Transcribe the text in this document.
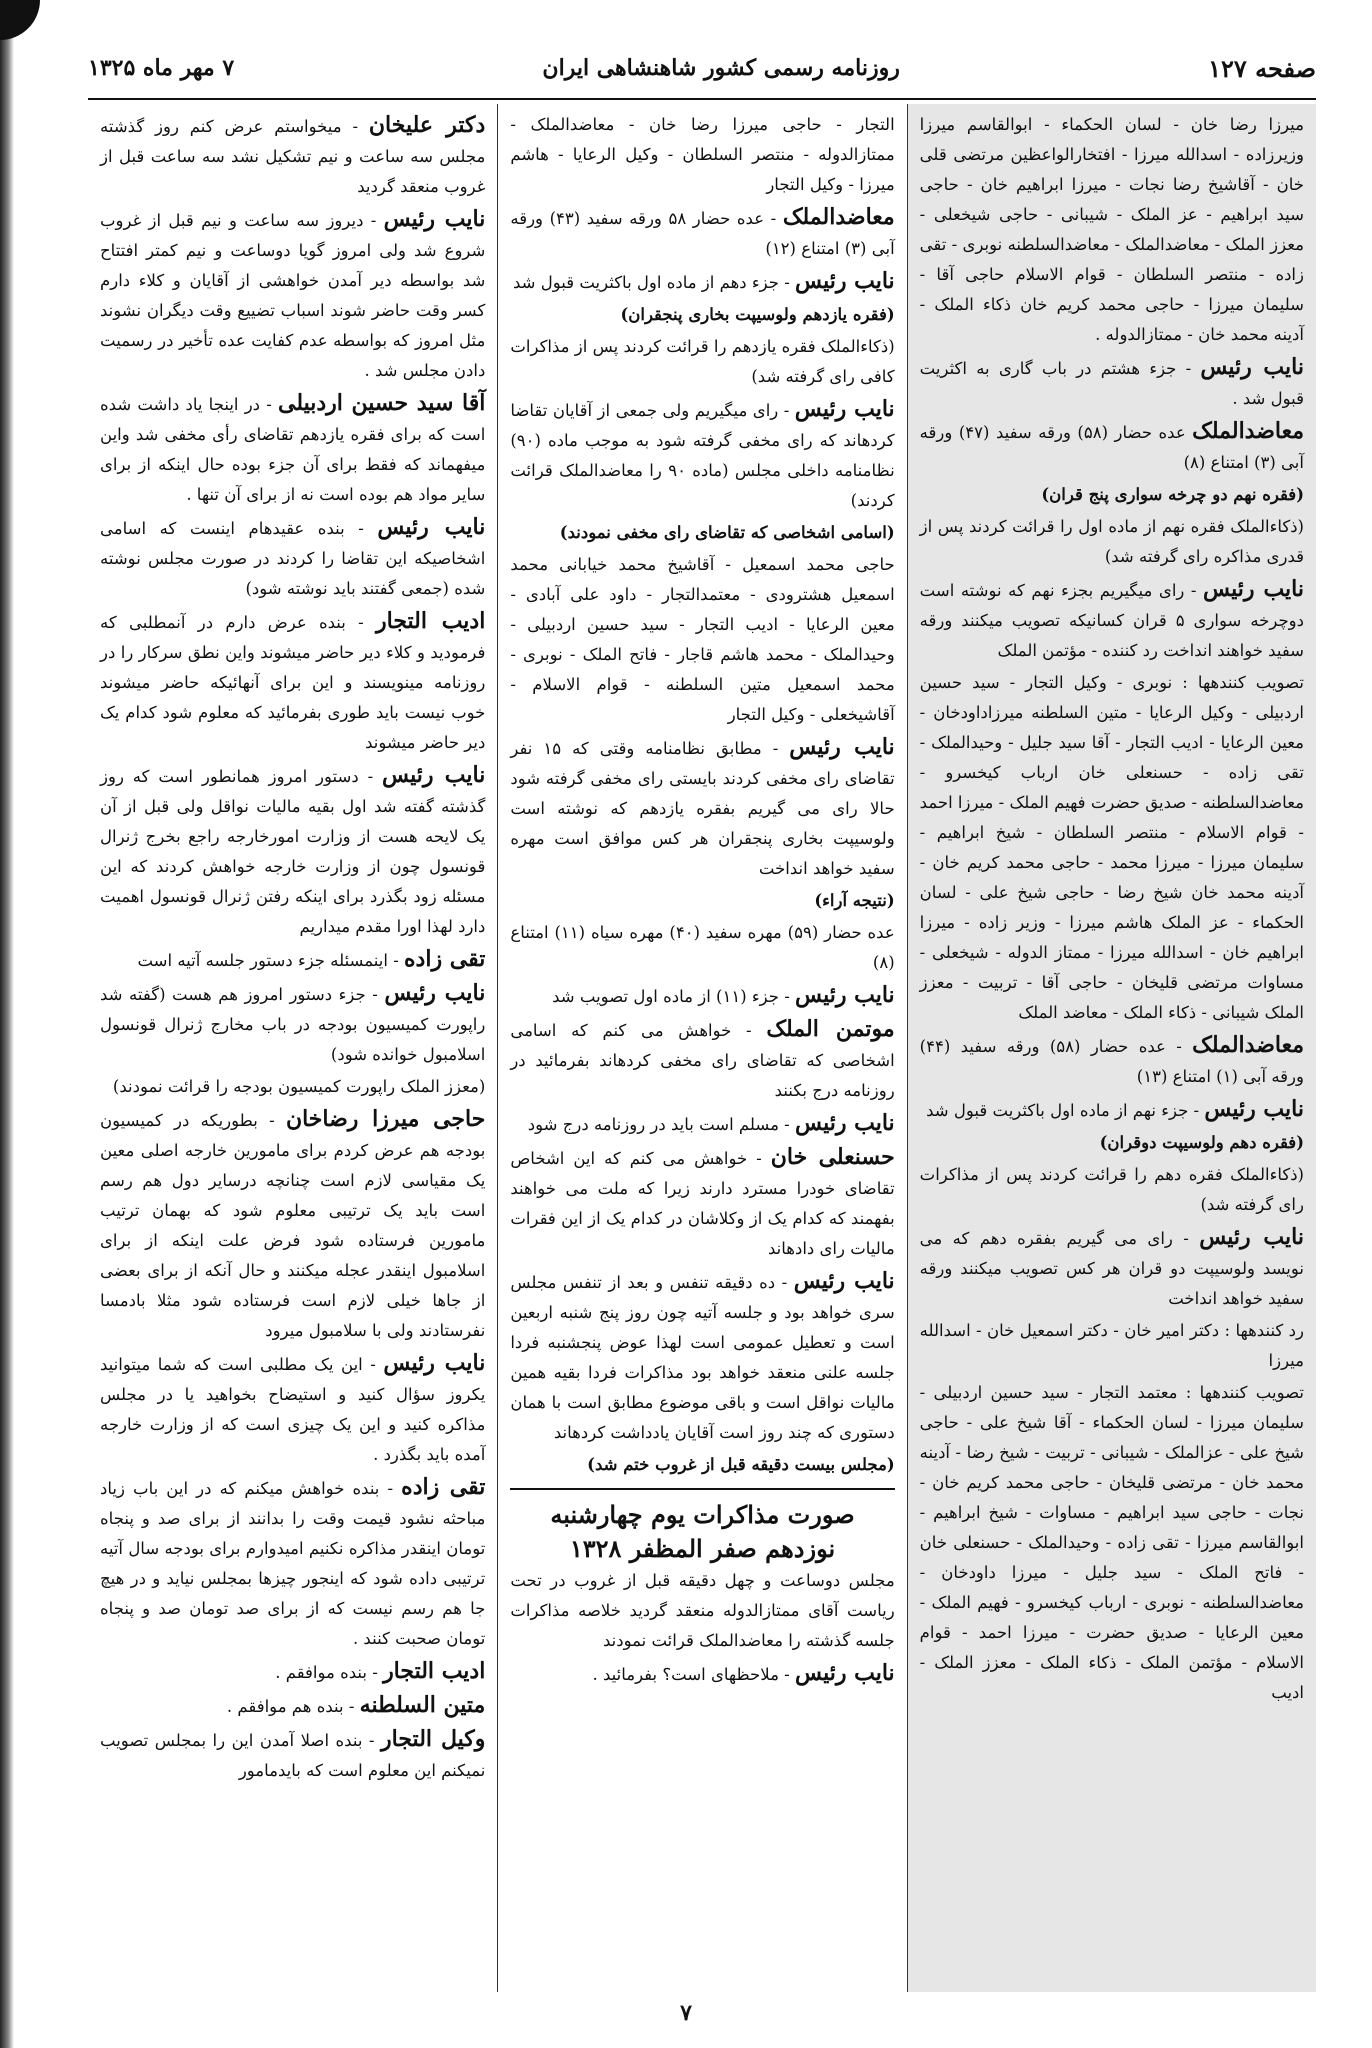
صفحه ۱۲۷
روزنامه رسمی کشور شاهنشاهی ایران
۷ مهر ماه ۱۳۲۵

میرزا رضا خان - لسان الحکماء - ابوالقاسم میرزا وزیرزاده - اسدالله میرزا - افتخارالواعظین مرتضی قلی خان - آقاشیخ رضا نجات - میرزا ابراهیم خان - حاجی سید ابراهیم - عز الملک - شیبانی - حاجی شیخعلی - معزز الملک - معاضدالملک - معاضدالسلطنه نوبری - تقی زاده - منتصر السلطان - قوام الاسلام حاجی آقا - سلیمان میرزا - حاجی محمد کریم خان ذکاء الملک - آدینه محمد خان - ممتازالدوله .

نایب رئیس - جزء هشتم در باب گاری به اکثریت قبول شد .

معاضدالملک عده حضار (۵۸) ورقه سفید (۴۷) ورقه آبی (۳) امتناع (۸)

(فقره نهم دو چرخه سواری پنج قران)

(ذکاءالملک فقره نهم از ماده اول را قرائت کردند پس از قدری مذاکره رای گرفته شد)

نایب رئیس - رای میگیریم بجزء نهم که نوشته است دوچرخه سواری ۵ قران کسانیکه تصویب میکنند ورقه سفید خواهند انداخت رد کننده - مؤتمن الملک

تصویب کنندهها : نوبری - وکیل التجار - سید حسین اردبیلی - وکیل الرعایا - متین السلطنه میرزاداودخان - معین الرعایا - ادیب التجار - آقا سید جلیل - وحیدالملک - تقی زاده - حسنعلی خان ارباب کیخسرو - معاضدالسلطنه - صدیق حضرت فهیم الملک - میرزا احمد - قوام الاسلام - منتصر السلطان - شیخ ابراهیم - سلیمان میرزا - میرزا محمد - حاجی محمد کریم خان - آدینه محمد خان شیخ رضا - حاجی شیخ علی - لسان الحکماء - عز الملک هاشم میرزا - وزیر زاده - میرزا ابراهیم خان - اسدالله میرزا - ممتاز الدوله - شیخعلی - مساوات مرتضی قلیخان - حاجی آقا - تربیت - معزز الملک شیبانی - ذکاء الملک - معاضد الملک

معاضدالملک - عده حضار (۵۸) ورقه سفید (۴۴) ورقه آبی (۱) امتناع (۱۳)

نایب رئیس - جزء نهم از ماده اول باکثریت قبول شد

(فقره دهم ولوسیپت دوقران)

(ذکاءالملک فقره دهم را قرائت کردند پس از مذاکرات رای گرفته شد)

نایب رئیس - رای می گیریم بفقره دهم که می نویسد ولوسیپت دو قران هر کس تصویب میکنند ورقه سفید خواهد انداخت

رد کنندهها : دکتر امیر خان - دکتر اسمعیل خان - اسدالله میرزا

تصویب کنندهها : معتمد التجار - سید حسین اردبیلی - سلیمان میرزا - لسان الحکماء - آقا شیخ علی - حاجی شیخ علی - عزالملک - شیبانی - تربیت - شیخ رضا - آدینه محمد خان - مرتضی قلیخان - حاجی محمد کریم خان - نجات - حاجی سید ابراهیم - مساوات - شیخ ابراهیم - ابوالقاسم میرزا - تقی زاده - وحیدالملک - حسنعلی خان - فاتح الملک - سید جلیل - میرزا داودخان - معاضدالسلطنه - نوبری - ارباب کیخسرو - فهیم الملک - معین الرعایا - صدیق حضرت - میرزا احمد - قوام الاسلام - مؤتمن الملک - ذکاء الملک - معزز الملک - ادیب

التجار - حاجی میرزا رضا خان - معاضدالملک - ممتازالدوله - منتصر السلطان - وکیل الرعایا - هاشم میرزا - وکیل التجار

معاضدالملک - عده حضار ۵۸ ورقه سفید (۴۳) ورقه آبی (۳) امتناع (۱۲)

نایب رئیس - جزء دهم از ماده اول باکثریت قبول شد

(فقره یازدهم ولوسیپت بخاری پنجقران)

(ذکاءالملک فقره یازدهم را قرائت کردند پس از مذاکرات کافی رای گرفته شد)

نایب رئیس - رای میگیریم ولی جمعی از آقایان تقاضا کردهاند که رای مخفی گرفته شود به موجب ماده (۹۰) نظامنامه داخلی مجلس (ماده ۹۰ را معاضدالملک قرائت کردند)

(اسامی اشخاصی که تقاضای رای مخفی نمودند)

حاجی محمد اسمعیل - آقاشیخ محمد خیابانی محمد اسمعیل هشترودی - معتمدالتجار - داود علی آبادی - معین الرعایا - ادیب التجار - سید حسین اردبیلی - وحیدالملک - محمد هاشم قاجار - فاتح الملک - نوبری - محمد اسمعیل متین السلطنه - قوام الاسلام - آقاشیخعلی - وکیل التجار

نایب رئیس - مطابق نظامنامه وقتی که ۱۵ نفر تقاضای رای مخفی کردند بایستی رای مخفی گرفته شود حالا رای می گیریم بفقره یازدهم که نوشته است ولوسیپت بخاری پنجقران هر کس موافق است مهره سفید خواهد انداخت

(نتیجه آراء)

عده حضار (۵۹) مهره سفید (۴۰) مهره سیاه (۱۱) امتناع (۸)

نایب رئیس - جزء (۱۱) از ماده اول تصویب شد

موتمن الملک - خواهش می کنم که اسامی اشخاصی که تقاضای رای مخفی کردهاند بفرمائید در روزنامه درج بکنند

نایب رئیس - مسلم است باید در روزنامه درج شود

حسنعلی خان - خواهش می کنم که این اشخاص تقاضای خودرا مسترد دارند زیرا که ملت می خواهند بفهمند که کدام یک از وکلاشان در کدام یک از این فقرات مالیات رای دادهاند

نایب رئیس - ده دقیقه تنفس و بعد از تنفس مجلس سری خواهد بود و جلسه آتیه چون روز پنج شنبه اربعین است و تعطیل عمومی است لهذا عوض پنجشنبه فردا جلسه علنی منعقد خواهد بود مذاکرات فردا بقیه همین مالیات نواقل است و باقی موضوع مطابق است با همان دستوری که چند روز است آقایان یادداشت کردهاند

(مجلس بیست دقیقه قبل از غروب ختم شد)

صورت مذاکرات یوم چهارشنبه
نوزدهم صفر المظفر ۱۳۲۸

مجلس دوساعت و چهل دقیقه قبل از غروب در تحت ریاست آقای ممتازالدوله منعقد گردید خلاصه مذاکرات جلسه گذشته را معاضدالملک قرائت نمودند

نایب رئیس - ملاحظهای است؟ بفرمائید .

دکتر علیخان - میخواستم عرض کنم روز گذشته مجلس سه ساعت و نیم تشکیل نشد سه ساعت قبل از غروب منعقد گردید

نایب رئیس - دیروز سه ساعت و نیم قبل از غروب شروع شد ولی امروز گویا دوساعت و نیم کمتر افتتاح شد بواسطه دیر آمدن خواهشی از آقایان و کلاء دارم کسر وقت حاضر شوند اسباب تضییع وقت دیگران نشوند مثل امروز که بواسطه عدم کفایت عده تأخیر در رسمیت دادن مجلس شد .

آقا سید حسین اردبیلی - در اینجا یاد داشت شده است که برای فقره یازدهم تقاضای رأی مخفی شد واین میفهماند که فقط برای آن جزء بوده حال اینکه از برای سایر مواد هم بوده است نه از برای آن تنها .

نایب رئیس - بنده عقیدهام اینست که اسامی اشخاصیکه این تقاضا را کردند در صورت مجلس نوشته شده (جمعی گفتند باید نوشته شود)

ادیب التجار - بنده عرض دارم در آنمطلبی که فرمودید و کلاء دیر حاضر میشوند واین نطق سرکار را در روزنامه مینویسند و این برای آنهائیکه حاضر میشوند خوب نیست باید طوری بفرمائید که معلوم شود کدام یک دیر حاضر میشوند

نایب رئیس - دستور امروز همانطور است که روز گذشته گفته شد اول بقیه مالیات نواقل ولی قبل از آن یک لایحه هست از وزارت امورخارجه راجع بخرج ژنرال قونسول چون از وزارت خارجه خواهش کردند که این مسئله زود بگذرد برای اینکه رفتن ژنرال قونسول اهمیت دارد لهذا اورا مقدم میداریم

تقی زاده - اینمسئله جزء دستور جلسه آتیه است

نایب رئیس - جزء دستور امروز هم هست (گفته شد راپورت کمیسیون بودجه در باب مخارج ژنرال قونسول اسلامبول خوانده شود)

(معزز الملک راپورت کمیسیون بودجه را قرائت نمودند)

حاجی میرزا رضاخان - بطوریکه در کمیسیون بودجه هم عرض کردم برای مامورین خارجه اصلی معین یک مقیاسی لازم است چنانچه درسایر دول هم رسم است باید یک ترتیبی معلوم شود که بهمان ترتیب مامورین فرستاده شود فرض علت اینکه از برای اسلامبول اینقدر عجله میکنند و حال آنکه از برای بعضی از جاها خیلی لازم است فرستاده شود مثلا بادمسا نفرستادند ولی با سلامبول میرود

نایب رئیس - این یک مطلبی است که شما میتوانید یکروز سؤال کنید و استیضاح بخواهید یا در مجلس مذاکره کنید و این یک چیزی است که از وزارت خارجه آمده باید بگذرد .

تقی زاده - بنده خواهش میکنم که در این باب زیاد مباحثه نشود قیمت وقت را بدانند از برای صد و پنجاه تومان اینقدر مذاکره نکنیم امیدوارم برای بودجه سال آتیه ترتیبی داده شود که اینجور چیزها بمجلس نیاید و در هیچ جا هم رسم نیست که از برای صد تومان صد و پنجاه تومان صحبت کنند .

ادیب التجار - بنده موافقم .

متین السلطنه - بنده هم موافقم .

وکیل التجار - بنده اصلا آمدن این را بمجلس تصویب نمیکنم این معلوم است که بایدمامور

۷
